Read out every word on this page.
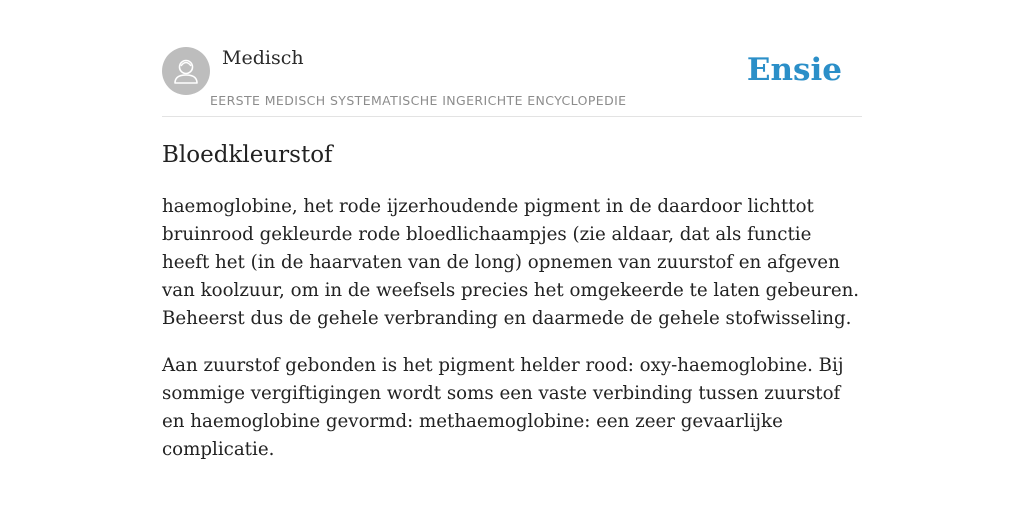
Medisch
EERSTE MEDISCH SYSTEMATISCHE INGERICHTE ENCYCLOPEDIE
Ensie
Bloedkleurstof

haemoglobine, het rode ijzerhoudende pigment in de daardoor lichttot bruinrood gekleurde rode bloedlichaampjes (zie aldaar, dat als functie heeft het (in de haarvaten van de long) opnemen van zuurstof en afgeven van koolzuur, om in de weefsels precies het omgekeerde te laten gebeuren. Beheerst dus de gehele verbranding en daarmede de gehele stofwisseling.

Aan zuurstof gebonden is het pigment helder rood: oxy-haemoglobine. Bij sommige vergiftigingen wordt soms een vaste verbinding tussen zuurstof en haemoglobine gevormd: methaemoglobine: een zeer gevaarlijke complicatie.
